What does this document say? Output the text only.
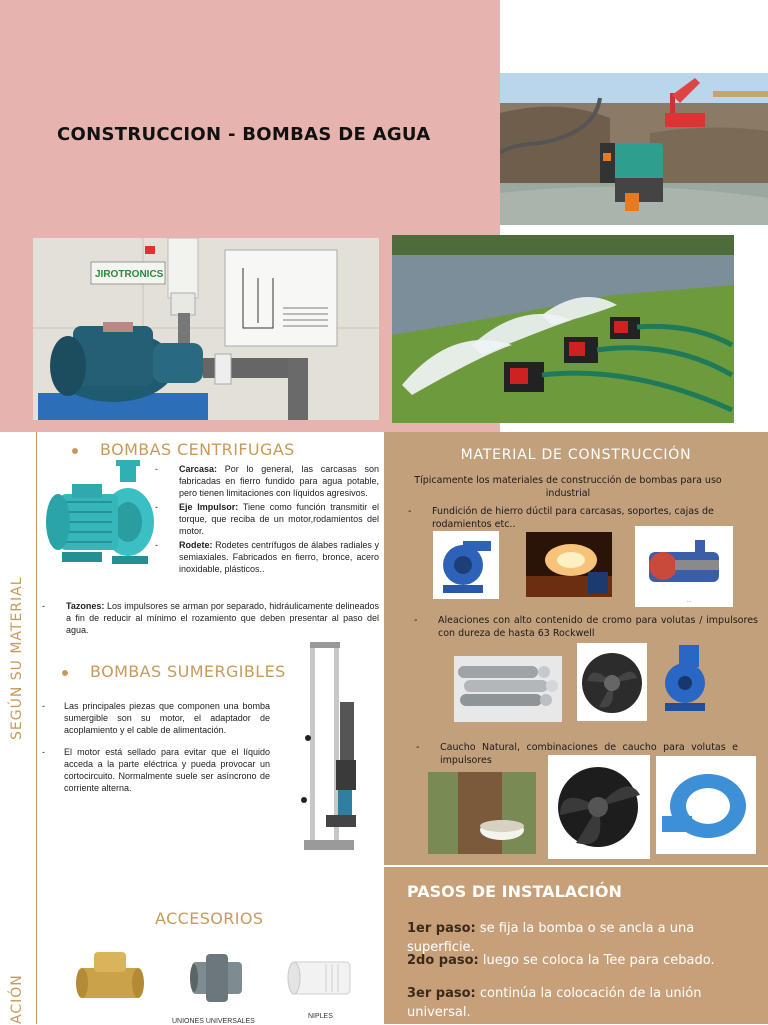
CONSTRUCCION - BOMBAS DE AGUA
JIROTRONICS
SEGÚN SU MATERIAL
ACIÓN
BOMBAS CENTRIFUGAS
- Carcasa: Por lo general, las carcasas son fabricadas en fierro fundido para agua potable, pero tienen limitaciones con líquidos agresivos.
- Eje Impulsor: Tiene como función transmitir el torque, que reciba de un motor,rodamientos del motor.
- Rodete: Rodetes centrífugos de álabes radiales y semiaxiales. Fabricados en fierro, bronce, acero inoxidable, plásticos..
- Tazones: Los impulsores se arman por separado, hidráulicamente delineados a fin de reducir al mínimo el rozamiento que deben presentar al paso del agua.
BOMBAS SUMERGIBLES
- Las principales piezas que componen una bomba sumergible son su motor, el adaptador de acoplamiento y el cable de alimentación.
- El motor está sellado para evitar que el líquido acceda a la parte eléctrica y pueda provocar un cortocircuito. Normalmente suele ser asíncrono de corriente alterna.
ACCESORIOS
UNIONES UNIVERSALES
NIPLES
MATERIAL DE CONSTRUCCIÓN
Típicamente los materiales de construcción de bombas para uso industrial
- Fundición de hierro dúctil para carcasas, soportes, cajas de rodamientos etc..
...
- Aleaciones con alto contenido de cromo para volutas / impulsores con dureza de hasta 63 Rockwell
- Caucho Natural, combinaciones de caucho para volutas e impulsores
PASOS DE INSTALACIÓN
1er paso: se fija la bomba o se ancla a una superficie.
2do paso: luego se coloca la Tee para cebado.
3er paso: continúa la colocación de la unión universal.
